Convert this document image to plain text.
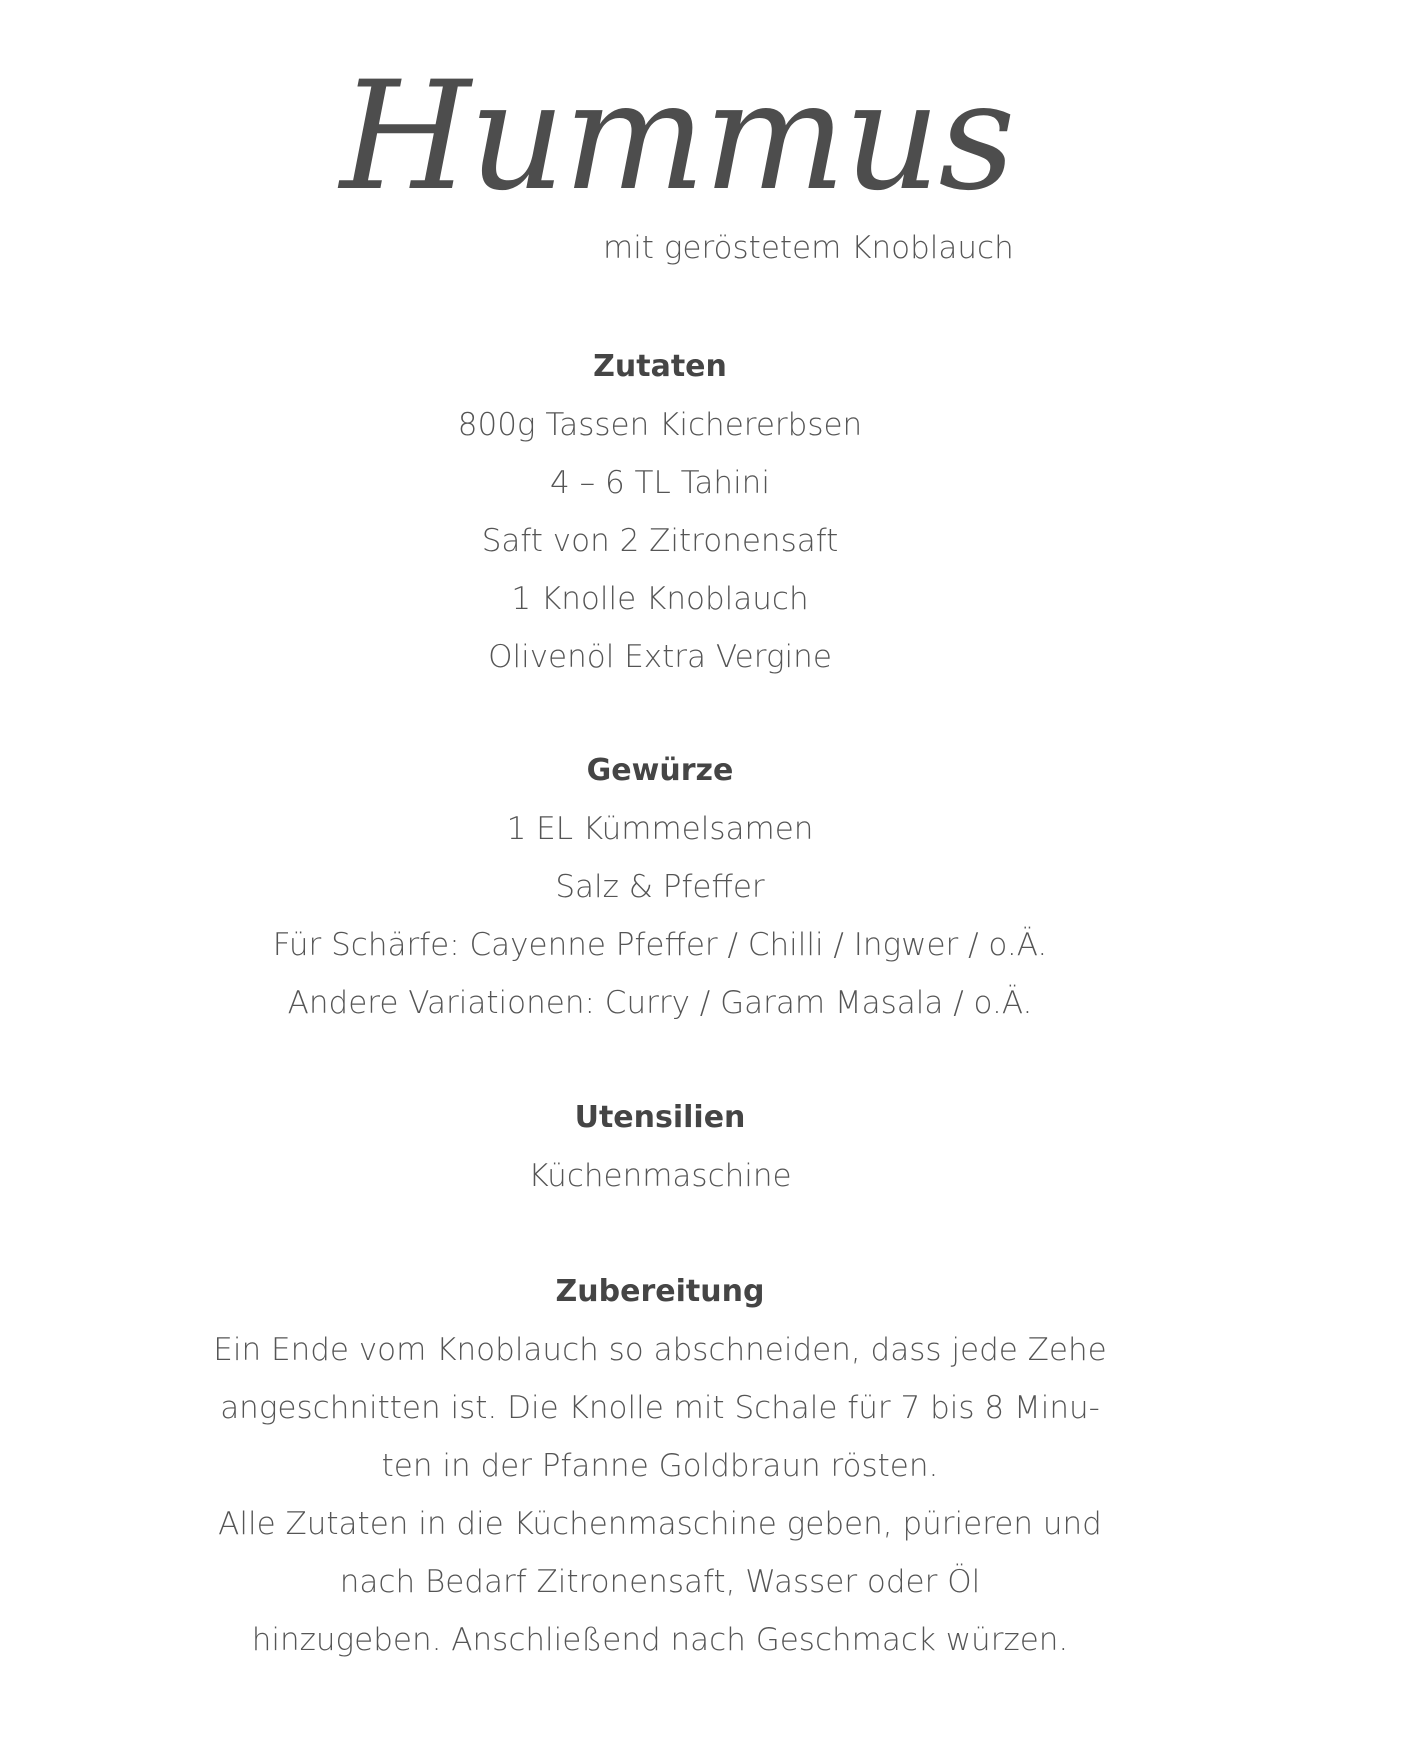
Hummus
mit geröstetem Knoblauch
Zutaten
800g Tassen Kichererbsen
4 – 6 TL Tahini
Saft von 2 Zitronensaft
1 Knolle Knoblauch
Olivenöl Extra Vergine
Gewürze
1 EL Kümmelsamen
Salz & Pfeffer
Für Schärfe: Cayenne Pfeffer / Chilli / Ingwer / o.Ä.
Andere Variationen: Curry / Garam Masala / o.Ä.
Utensilien
Küchenmaschine
Zubereitung
Ein Ende vom Knoblauch so abschneiden, dass jede Zehe
angeschnitten ist. Die Knolle mit Schale für 7 bis 8 Minu-
ten in der Pfanne Goldbraun rösten.
Alle Zutaten in die Küchenmaschine geben, pürieren und
nach Bedarf Zitronensaft, Wasser oder Öl
hinzugeben. Anschließend nach Geschmack würzen.
